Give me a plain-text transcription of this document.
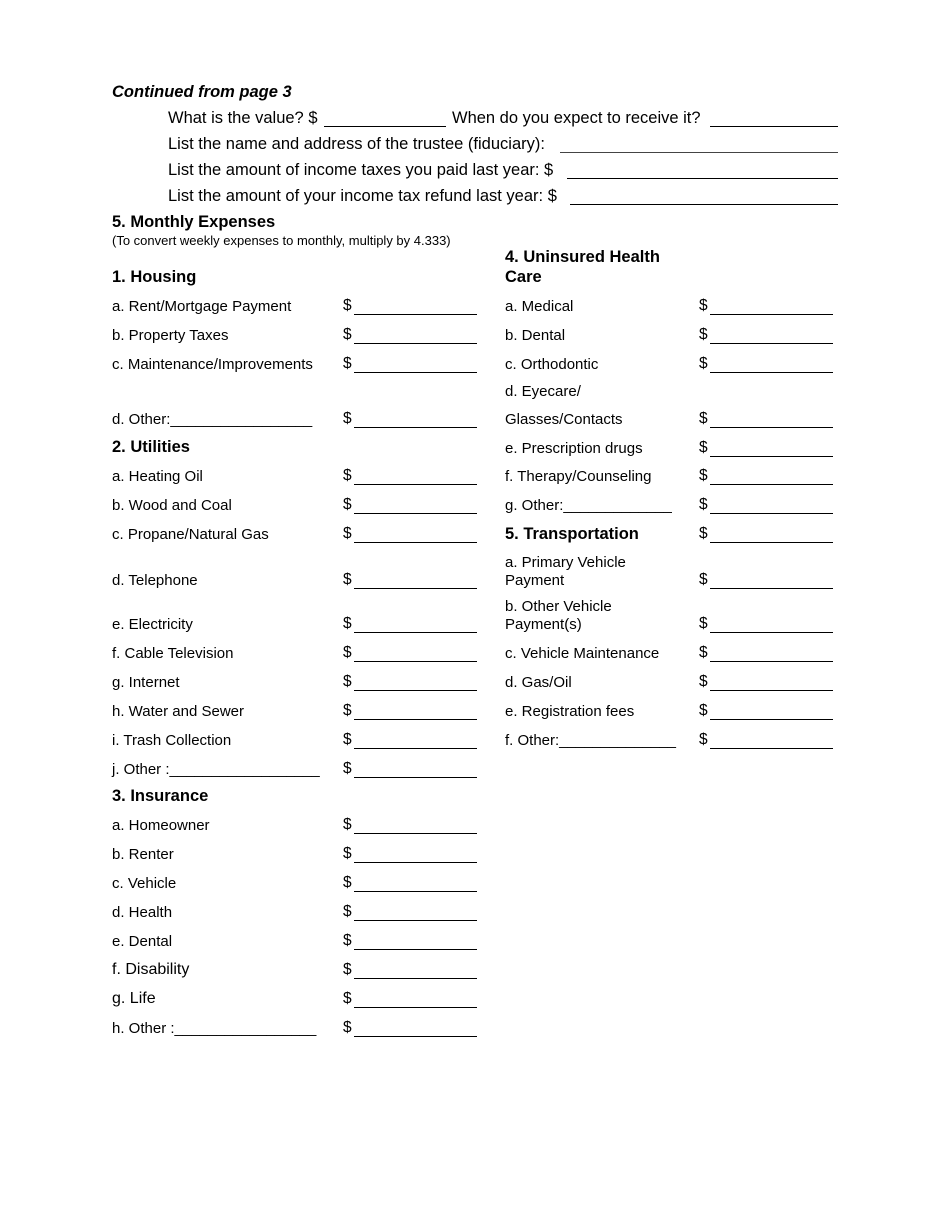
Continued from page 3
What is the value? $	When do you expect to receive it?
List the name and address of the trustee (fiduciary):
List the amount of income taxes you paid last year: $
List the amount of your income tax refund last year: $
5. Monthly Expenses
(To convert weekly expenses to monthly, multiply by 4.333)
1. Housing
a. Rent/Mortgage Payment	$
b. Property Taxes	$
c. Maintenance/Improvements $
d. Other:_________________ $
2. Utilities
a. Heating Oil	$
b. Wood and Coal	$
c. Propane/Natural Gas	$
d. Telephone	$
e. Electricity	$
f. Cable Television	$
g. Internet	$
h. Water and Sewer	$
i. Trash Collection	$
j. Other :__________________ $
3. Insurance
a. Homeowner	$
b. Renter	$
c. Vehicle	$
d. Health	$
e. Dental	$
f. Disability	$
g. Life	$
h. Other :_________________ $
4. Uninsured Health
Care
a. Medical	$
b. Dental	$
c. Orthodontic	$
d. Eyecare/
Glasses/Contacts	$
e. Prescription drugs	$
f. Therapy/Counseling	$
g. Other:_____________ $
5. Transportation	$
a. Primary Vehicle
Payment	$
b. Other Vehicle
Payment(s)	$
c. Vehicle Maintenance	$
d. Gas/Oil	$
e. Registration fees	$
f. Other:______________ $
